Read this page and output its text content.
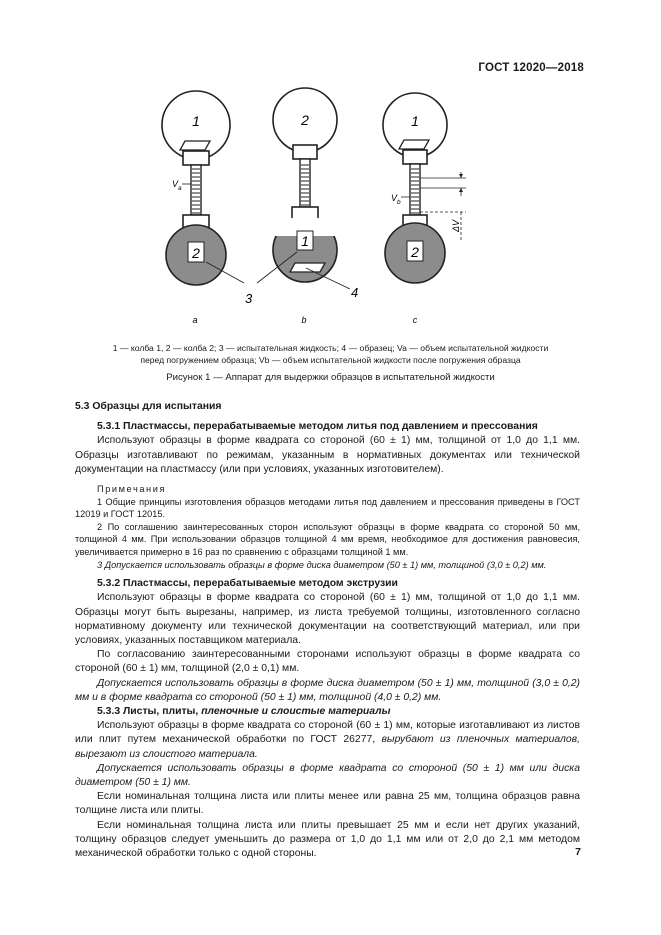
ГОСТ 12020—2018
1
2
V a
2
1
1
2
V b
ΔV
3	4
a	b	c
1 — колба 1, 2 — колба 2; 3 — испытательная жидкость; 4 — образец; Va — объем испытательной жидкости
перед погружением образца; Vb — объем испытательной жидкости после погружения образца
Рисунок 1 — Аппарат для выдержки образцов в испытательной жидкости

5.3 Образцы для испытания

5.3.1 Пластмассы, перерабатываемые методом литья под давлением и прессования

Используют образцы в форме квадрата со стороной (60 ± 1) мм, толщиной от 1,0 до 1,1 мм. Образцы изготавливают по режимам, указанным в нормативных документах или технической документации на пластмассу (или при условиях, указанных изготовителем).

Примечания

1 Общие принципы изготовления образцов методами литья под давлением и прессования приведены в ГОСТ 12019 и ГОСТ 12015.

2 По соглашению заинтересованных сторон используют образцы в форме квадрата со стороной 50 мм, толщиной 4 мм. При использовании образцов толщиной 4 мм время, необходимое для достижения равновесия, увеличивается примерно в 16 раз по сравнению с образцами толщиной 1 мм.

3 Допускается использовать образцы в форме диска диаметром (50 ± 1) мм, толщиной (3,0 ± 0,2) мм.

5.3.2 Пластмассы, перерабатываемые методом экструзии

Используют образцы в форме квадрата со стороной (60 ± 1) мм, толщиной от 1,0 до 1,1 мм. Образцы могут быть вырезаны, например, из листа требуемой толщины, изготовленного согласно нормативному документу или технической документации на соответствующий материал, или при условиях, указанных поставщиком материала.

По согласованию заинтересованными сторонами используют образцы в форме квадрата со стороной (60 ± 1) мм, толщиной (2,0 ± 0,1) мм.

Допускается использовать образцы в форме диска диаметром (50 ± 1) мм, толщиной (3,0 ± 0,2) мм и в форме квадрата со стороной (50 ± 1) мм, толщиной (4,0 ± 0,2) мм.

5.3.3 Листы, плиты, пленочные и слоистые материалы

Используют образцы в форме квадрата со стороной (60 ± 1) мм, которые изготавливают из листов или плит путем механической обработки по ГОСТ 26277, вырубают из пленочных материалов, вырезают из слоистого материала.

Допускается использовать образцы в форме квадрата со стороной (50 ± 1) мм или диска диаметром (50 ± 1) мм.

Если номинальная толщина листа или плиты менее или равна 25 мм, толщина образцов равна толщине листа или плиты.

Если номинальная толщина листа или плиты превышает 25 мм и если нет других указаний, толщину образцов следует уменьшить до размера от 1,0 до 1,1 мм или от 2,0 до 2,1 мм методом механической обработки только с одной стороны.	7
